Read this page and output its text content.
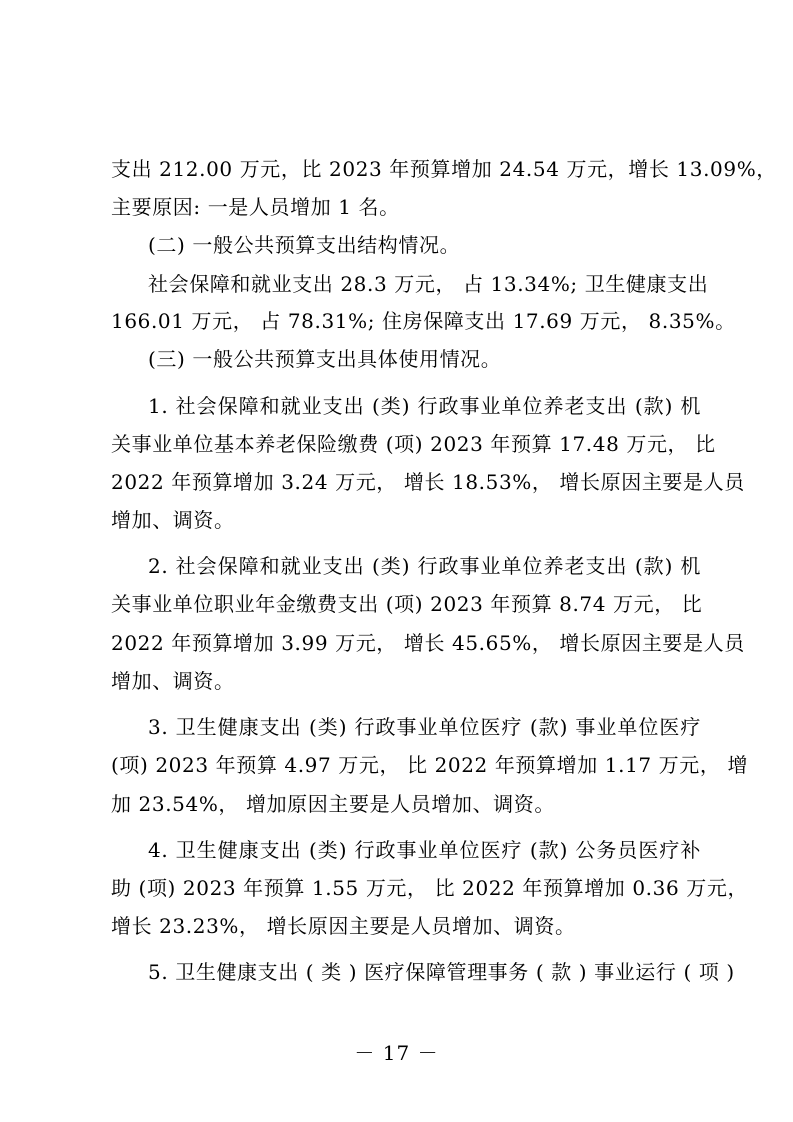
支出 212.00 万元，比 2023 年预算增加 24.54 万元，增长 13.09%，
主要原因: 一是人员增加 1 名。
(二) 一般公共预算支出结构情况。
社会保障和就业支出 28.3 万元， 占 13.34%; 卫生健康支出
166.01 万元， 占 78.31%; 住房保障支出 17.69 万元， 8.35%。
(三) 一般公共预算支出具体使用情况。
1. 社会保障和就业支出 (类) 行政事业单位养老支出 (款) 机
关事业单位基本养老保险缴费 (项) 2023 年预算 17.48 万元， 比
2022 年预算增加 3.24 万元， 增长 18.53%， 增长原因主要是人员
增加、调资。
2. 社会保障和就业支出 (类) 行政事业单位养老支出 (款) 机
关事业单位职业年金缴费支出 (项) 2023 年预算 8.74 万元， 比
2022 年预算增加 3.99 万元， 增长 45.65%， 增长原因主要是人员
增加、调资。
3. 卫生健康支出 (类) 行政事业单位医疗 (款) 事业单位医疗
(项) 2023 年预算 4.97 万元， 比 2022 年预算增加 1.17 万元， 增
加 23.54%， 增加原因主要是人员增加、调资。
4. 卫生健康支出 (类) 行政事业单位医疗 (款) 公务员医疗补
助 (项) 2023 年预算 1.55 万元， 比 2022 年预算增加 0.36 万元，
增长 23.23%， 增长原因主要是人员增加、调资。
5. 卫生健康支出 ( 类 ) 医疗保障管理事务 ( 款 ) 事业运行 ( 项 )
－ 17 －
